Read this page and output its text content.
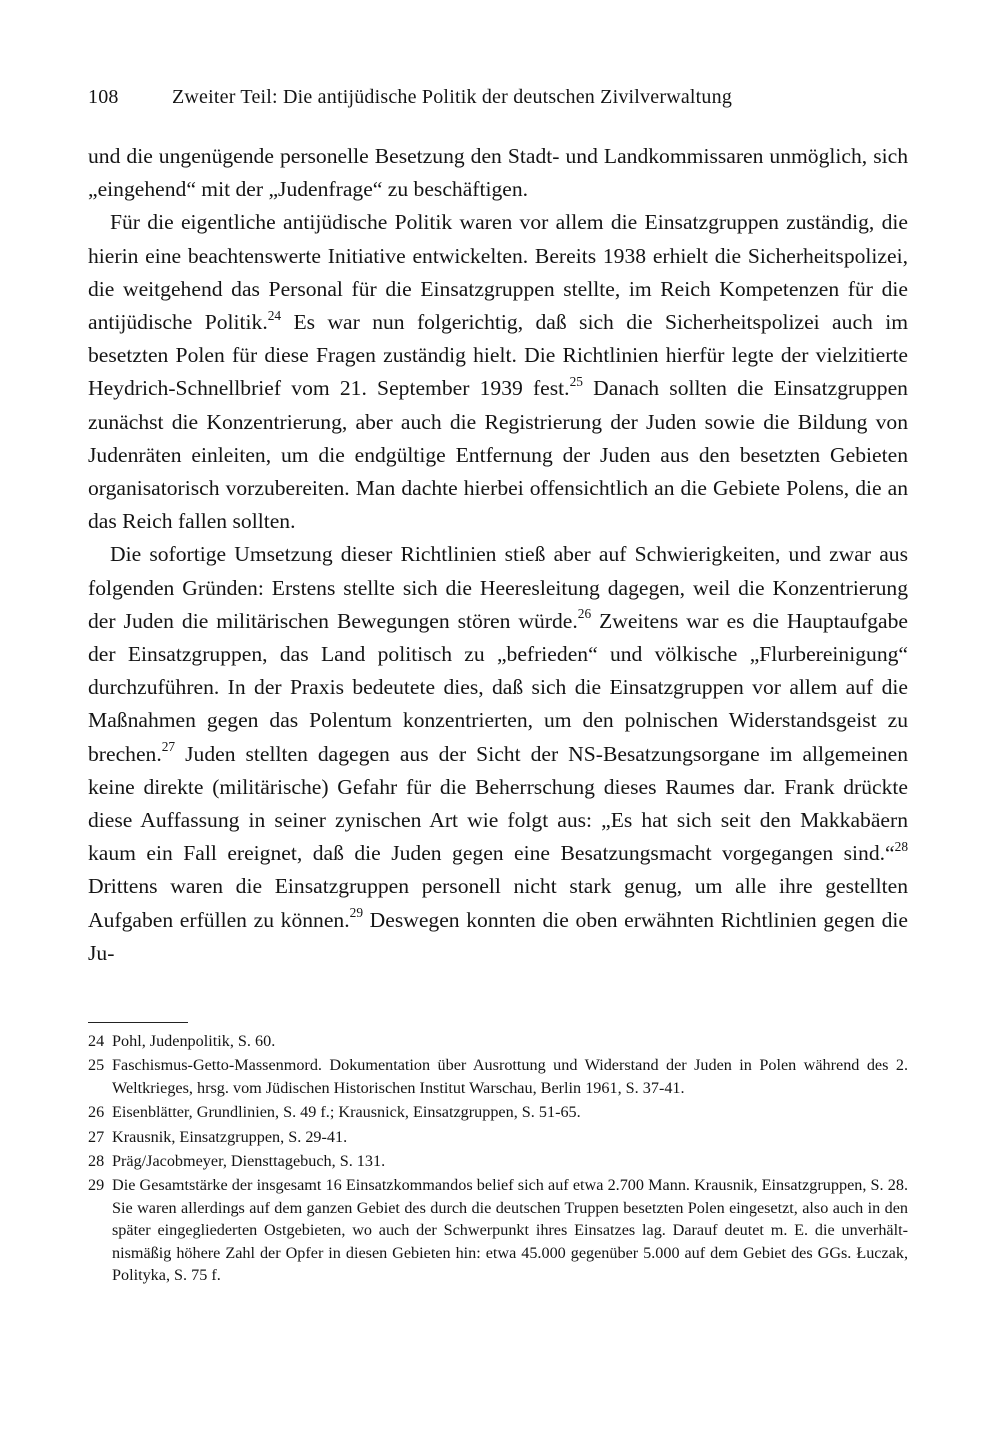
108	Zweiter Teil: Die antijüdische Politik der deutschen Zivilverwaltung

und die ungenügende personelle Besetzung den Stadt- und Landkommissaren unmöglich, sich „eingehend“ mit der „Judenfrage“ zu beschäftigen.

Für die eigentliche antijüdische Politik waren vor allem die Einsatzgruppen zuständig, die hierin eine beachtenswerte Initiative entwickelten. Bereits 1938 erhielt die Sicherheitspolizei, die weitgehend das Personal für die Einsatzgruppen stellte, im Reich Kompetenzen für die antijüdische Politik.$^{24}$ Es war nun folgerichtig, daß sich die Sicherheitspolizei auch im besetzten Polen für diese Fragen zuständig hielt. Die Richtlinien hierfür legte der vielzitierte Heydrich-Schnellbrief vom 21. September 1939 fest.$^{25}$ Danach sollten die Einsatzgruppen zunächst die Konzentrierung, aber auch die Registrierung der Juden sowie die Bildung von Judenräten einleiten, um die endgültige Entfernung der Juden aus den besetzten Gebieten organisatorisch vorzubereiten. Man dachte hierbei offensichtlich an die Gebiete Polens, die an das Reich fallen sollten.

Die sofortige Umsetzung dieser Richtlinien stieß aber auf Schwierigkeiten, und zwar aus folgenden Gründen: Erstens stellte sich die Heeresleitung dagegen, weil die Konzentrierung der Juden die militärischen Bewegungen stören würde.$^{26}$ Zweitens war es die Hauptaufgabe der Einsatzgruppen, das Land politisch zu „befrieden“ und völkische „Flurbereinigung“ durchzuführen. In der Praxis bedeutete dies, daß sich die Einsatzgruppen vor allem auf die Maßnahmen gegen das Polentum konzentrierten, um den polnischen Widerstandsgeist zu brechen.$^{27}$ Juden stellten dagegen aus der Sicht der NS-Besatzungsorgane im allgemeinen keine direkte (militärische) Gefahr für die Beherrschung dieses Raumes dar. Frank drückte diese Auffassung in seiner zynischen Art wie folgt aus: „Es hat sich seit den Makkabäern kaum ein Fall ereignet, daß die Juden gegen eine Besatzungsmacht vorgegangen sind.“$^{28}$ Drittens waren die Einsatzgruppen personell nicht stark genug, um alle ihre gestellten Aufgaben erfüllen zu können.$^{29}$ Deswegen konnten die oben erwähnten Richtlinien gegen die Ju-

24 Pohl, Judenpolitik, S. 60.
25 Faschismus-Getto-Massenmord. Dokumentation über Ausrottung und Widerstand der Juden in Polen während des 2. Weltkrieges, hrsg. vom Jüdischen Historischen Institut Warschau, Berlin 1961, S. 37-41.
26 Eisenblätter, Grundlinien, S. 49 f.; Krausnick, Einsatzgruppen, S. 51-65.
27 Krausnik, Einsatzgruppen, S. 29-41.
28 Präg/Jacobmeyer, Diensttagebuch, S. 131.
29 Die Gesamtstärke der insgesamt 16 Einsatzkommandos belief sich auf etwa 2.700 Mann. Krausnik, Einsatzgruppen, S. 28. Sie waren allerdings auf dem ganzen Gebiet des durch die deutschen Truppen besetzten Polen eingesetzt, also auch in den später eingegliederten Ostgebieten, wo auch der Schwerpunkt ihres Einsatzes lag. Darauf deutet m. E. die unverhältnismäßig höhere Zahl der Opfer in diesen Gebieten hin: etwa 45.000 gegenüber 5.000 auf dem Gebiet des GGs. Łuczak, Polityka, S. 75 f.
